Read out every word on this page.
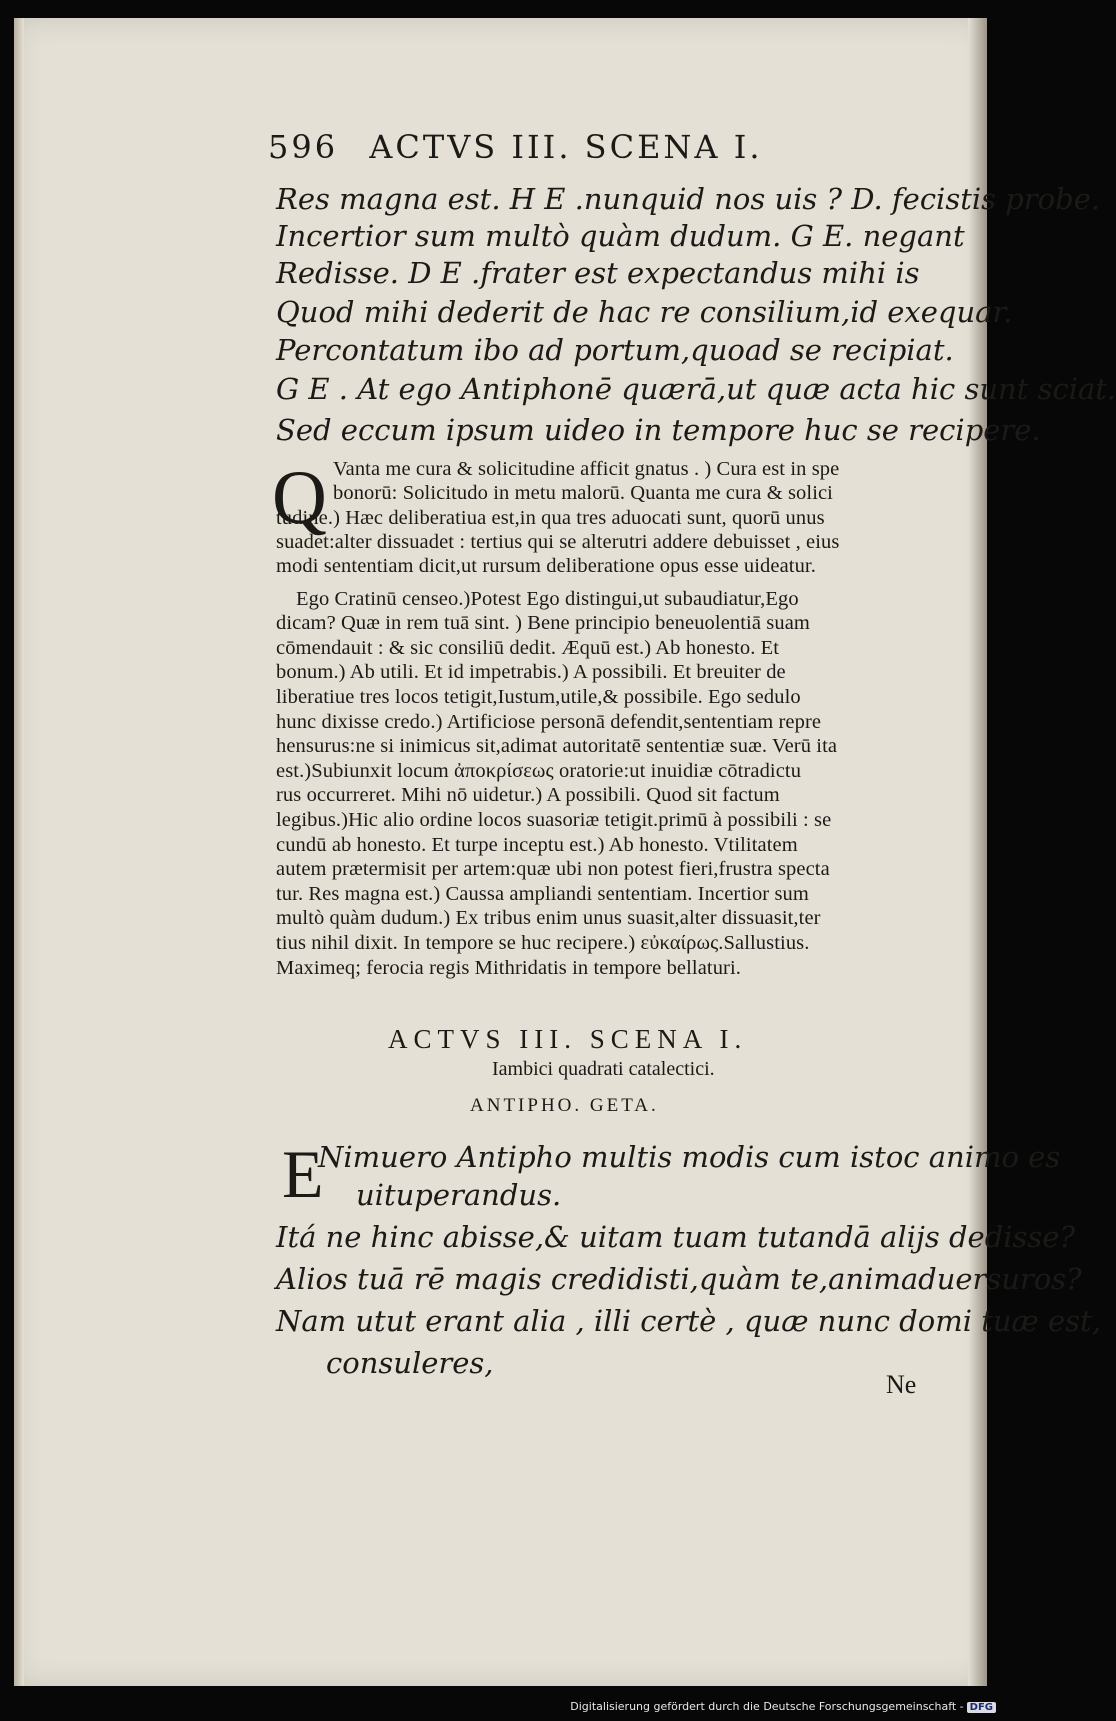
596 ACTVS III. SCENA I.
Res magna est. H E .nunquid nos uis ? D. fecistis probe.
Incertior sum multò quàm dudum. G E. negant
Redisse. D E .frater est expectandus mihi is
Quod mihi dederit de hac re consilium,id exequar.
Percontatum ibo ad portum,quoad se recipiat.
G E . At ego Antiphonē quærā,ut quæ acta hic sunt sciat.
Sed eccum ipsum uideo in tempore huc se recipere.
Q Vanta me cura & solicitudine afficit gnatus . ) Cura est in spe
bonorū: Solicitudo in metu malorū. Quanta me cura & solici
tudine.) Hæc deliberatiua est,in qua tres aduocati sunt, quorū unus
suadet:alter dissuadet : tertius qui se alterutri addere debuisset , eius
modi sententiam dicit,ut rursum deliberatione opus esse uideatur.
Ego Cratinū censeo.)Potest Ego distingui,ut subaudiatur,Ego
dicam? Quæ in rem tuā sint. ) Bene principio beneuolentiā suam
cōmendauit : & sic consiliū dedit. Æquū est.) Ab honesto. Et
bonum.) Ab utili. Et id impetrabis.) A possibili. Et breuiter de
liberatiue tres locos tetigit,Iustum,utile,& possibile. Ego sedulo
hunc dixisse credo.) Artificiose personā defendit,sententiam repre
hensurus:ne si inimicus sit,adimat autoritatē sententiæ suæ. Verū ita
est.)Subiunxit locum ἀποκρίσεως oratorie:ut inuidiæ cōtradictu
rus occurreret. Mihi nō uidetur.) A possibili. Quod sit factum
legibus.)Hic alio ordine locos suasoriæ tetigit.primū à possibili : se
cundū ab honesto. Et turpe inceptu est.) Ab honesto. Vtilitatem
autem prætermisit per artem:quæ ubi non potest fieri,frustra specta
tur. Res magna est.) Caussa ampliandi sententiam. Incertior sum
multò quàm dudum.) Ex tribus enim unus suasit,alter dissuasit,ter
tius nihil dixit. In tempore se huc recipere.) εὐκαίρως.Sallustius.
Maximeq; ferocia regis Mithridatis in tempore bellaturi.
ACTVS III. SCENA I.
Iambici quadrati catalectici.
ANTIPHO. GETA.
E
Nimuero Antipho multis modis cum istoc animo es
uituperandus.
Itá ne hinc abisse,& uitam tuam tutandā alijs dedisse?
Alios tuā rē magis credidisti,quàm te,animaduersuros?
Nam utut erant alia , illi certè , quæ nunc domi tuæ est,
consuleres,
Ne
Digitalisierung gefördert durch die Deutsche Forschungsgemeinschaft - DFG
